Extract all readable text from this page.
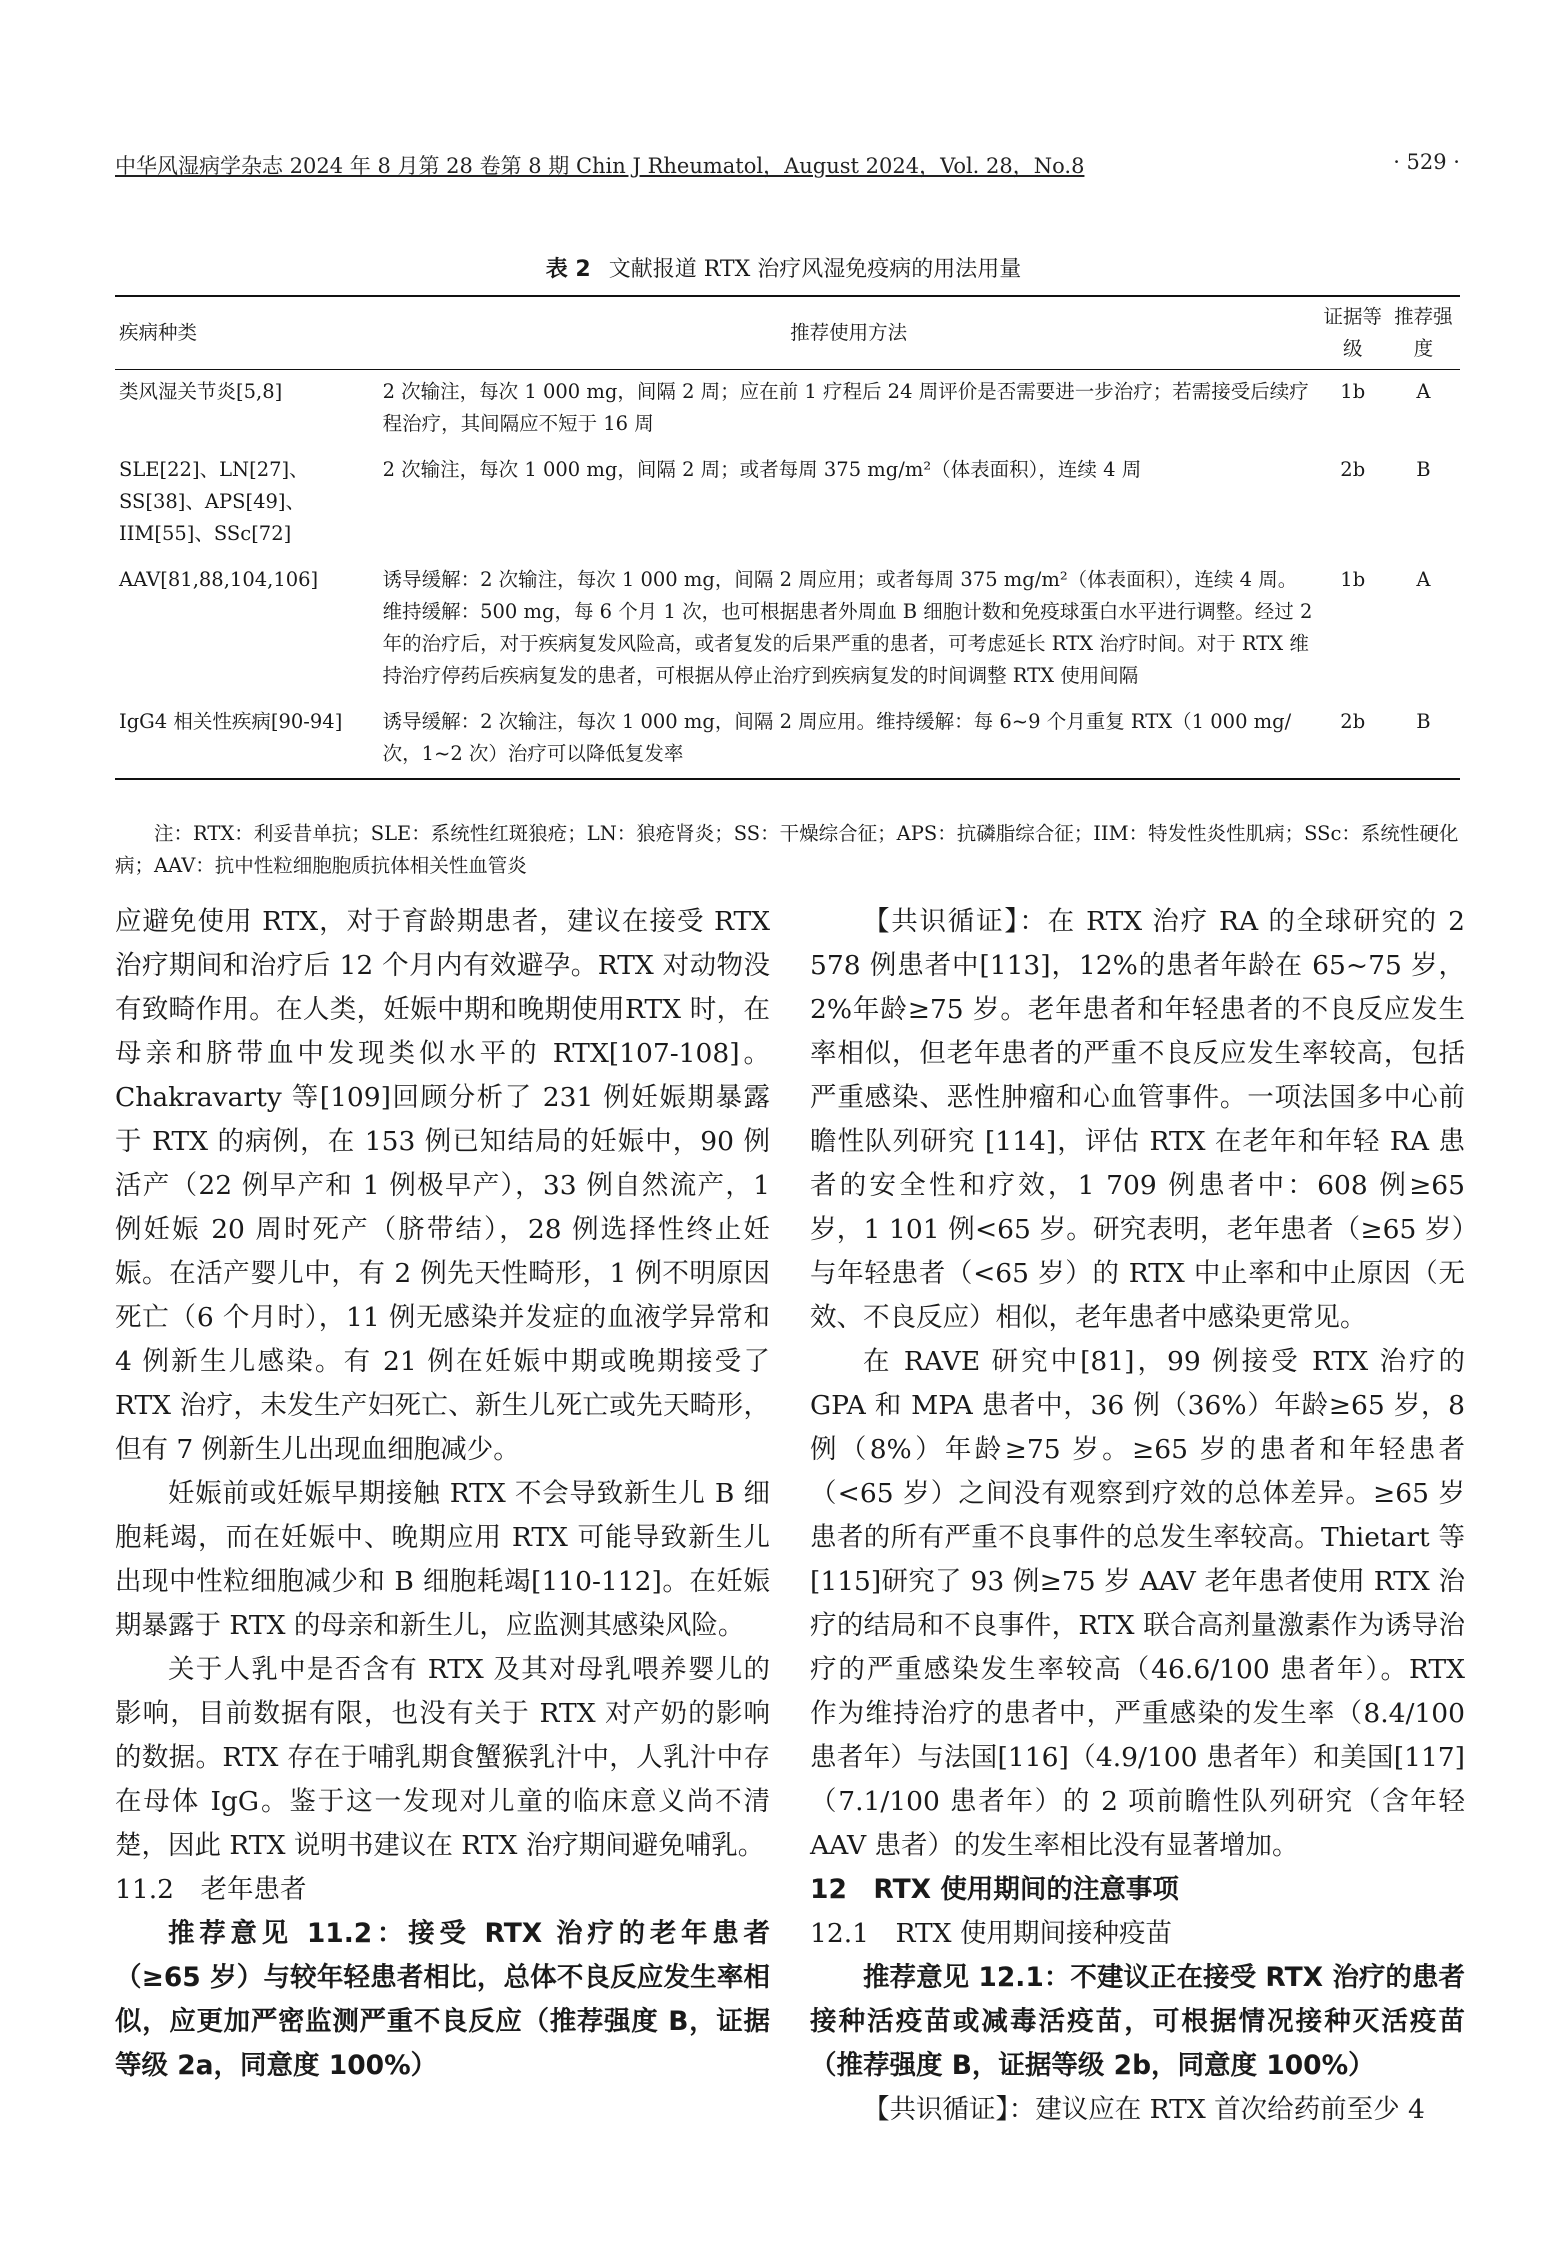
中华风湿病学杂志 2024 年 8 月第 28 卷第 8 期 Chin J Rheumatol，August 2024，Vol. 28，No.8	· 529 ·
表 2 文献报道 RTX 治疗风湿免疫病的用法用量
疾病种类	推荐使用方法	证据等级	推荐强度
类风湿关节炎[5,8]	2 次输注，每次 1 000 mg，间隔 2 周；应在前 1 疗程后 24 周评价是否需要进一步治疗；若需接受后续疗程治疗，其间隔应不短于 16 周	1b	A
SLE[22]、LN[27]、SS[38]、APS[49]、IIM[55]、SSc[72]	2 次输注，每次 1 000 mg，间隔 2 周；或者每周 375 mg/m²（体表面积），连续 4 周	2b	B
AAV[81,88,104,106]	诱导缓解：2 次输注，每次 1 000 mg，间隔 2 周应用；或者每周 375 mg/m²（体表面积），连续 4 周。维持缓解：500 mg，每 6 个月 1 次，也可根据患者外周血 B 细胞计数和免疫球蛋白水平进行调整。经过 2 年的治疗后，对于疾病复发风险高，或者复发的后果严重的患者，可考虑延长 RTX 治疗时间。对于 RTX 维持治疗停药后疾病复发的患者，可根据从停止治疗到疾病复发的时间调整 RTX 使用间隔	1b	A
IgG4 相关性疾病[90-94]	诱导缓解：2 次输注，每次 1 000 mg，间隔 2 周应用。维持缓解：每 6~9 个月重复 RTX（1 000 mg/次，1~2 次）治疗可以降低复发率	2b	B
注：RTX：利妥昔单抗；SLE：系统性红斑狼疮；LN：狼疮肾炎；SS：干燥综合征；APS：抗磷脂综合征；IIM：特发性炎性肌病；SSc：系统性硬化病；AAV：抗中性粒细胞胞质抗体相关性血管炎

应避免使用 RTX，对于育龄期患者，建议在接受 RTX 治疗期间和治疗后 12 个月内有效避孕。RTX 对动物没有致畸作用。在人类，妊娠中期和晚期使用RTX 时，在母亲和脐带血中发现类似水平的 RTX[107-108]。Chakravarty 等[109]回顾分析了 231 例妊娠期暴露于 RTX 的病例，在 153 例已知结局的妊娠中，90 例活产（22 例早产和 1 例极早产），33 例自然流产，1 例妊娠 20 周时死产（脐带结），28 例选择性终止妊娠。在活产婴儿中，有 2 例先天性畸形，1 例不明原因死亡（6 个月时），11 例无感染并发症的血液学异常和 4 例新生儿感染。有 21 例在妊娠中期或晚期接受了 RTX 治疗，未发生产妇死亡、新生儿死亡或先天畸形，但有 7 例新生儿出现血细胞减少。

妊娠前或妊娠早期接触 RTX 不会导致新生儿 B 细胞耗竭，而在妊娠中、晚期应用 RTX 可能导致新生儿出现中性粒细胞减少和 B 细胞耗竭[110-112]。在妊娠期暴露于 RTX 的母亲和新生儿，应监测其感染风险。

关于人乳中是否含有 RTX 及其对母乳喂养婴儿的影响，目前数据有限，也没有关于 RTX 对产奶的影响的数据。RTX 存在于哺乳期食蟹猴乳汁中，人乳汁中存在母体 IgG。鉴于这一发现对儿童的临床意义尚不清楚，因此 RTX 说明书建议在 RTX 治疗期间避免哺乳。

11.2　老年患者

推荐意见 11.2：接受 RTX 治疗的老年患者（≥65 岁）与较年轻患者相比，总体不良反应发生率相似，应更加严密监测严重不良反应（推荐强度 B，证据等级 2a，同意度 100%）

【共识循证】：在 RTX 治疗 RA 的全球研究的 2 578 例患者中[113]，12%的患者年龄在 65~75 岁，2%年龄≥75 岁。老年患者和年轻患者的不良反应发生率相似，但老年患者的严重不良反应发生率较高，包括严重感染、恶性肿瘤和心血管事件。一项法国多中心前瞻性队列研究 [114]，评估 RTX 在老年和年轻 RA 患者的安全性和疗效，1 709 例患者中：608 例≥65 岁，1 101 例<65 岁。研究表明，老年患者（≥65 岁）与年轻患者（<65 岁）的 RTX 中止率和中止原因（无效、不良反应）相似，老年患者中感染更常见。

在 RAVE 研究中[81]，99 例接受 RTX 治疗的 GPA 和 MPA 患者中，36 例（36%）年龄≥65 岁，8 例（8%）年龄≥75 岁。≥65 岁的患者和年轻患者（<65 岁）之间没有观察到疗效的总体差异。≥65 岁患者的所有严重不良事件的总发生率较高。Thietart 等[115]研究了 93 例≥75 岁 AAV 老年患者使用 RTX 治疗的结局和不良事件，RTX 联合高剂量激素作为诱导治疗的严重感染发生率较高（46.6/100 患者年）。RTX 作为维持治疗的患者中，严重感染的发生率（8.4/100 患者年）与法国[116]（4.9/100 患者年）和美国[117]（7.1/100 患者年）的 2 项前瞻性队列研究（含年轻 AAV 患者）的发生率相比没有显著增加。

12　RTX 使用期间的注意事项
12.1　RTX 使用期间接种疫苗

推荐意见 12.1：不建议正在接受 RTX 治疗的患者接种活疫苗或减毒活疫苗，可根据情况接种灭活疫苗（推荐强度 B，证据等级 2b，同意度 100%）

【共识循证】：建议应在 RTX 首次给药前至少 4
